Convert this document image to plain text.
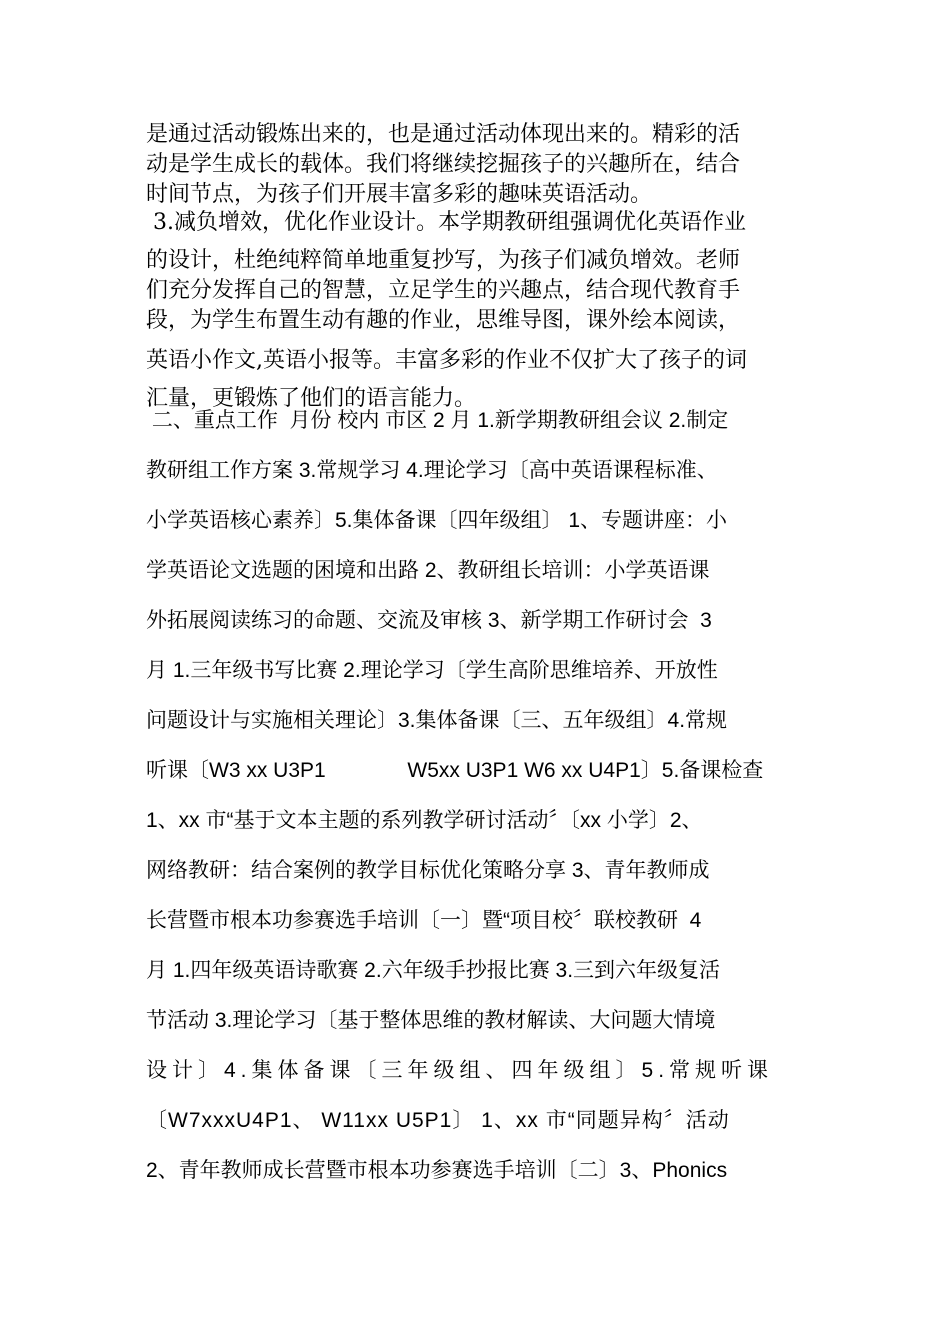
是通过活动锻炼出来的，也是通过活动体现出来的。精彩的活
动是学生成长的载体。我们将继续挖掘孩子的兴趣所在，结合
时间节点，为孩子们开展丰富多彩的趣味英语活动。
3.减负增效，优化作业设计。本学期教研组强调优化英语作业
的设计，杜绝纯粹简单地重复抄写，为孩子们减负增效。老师
们充分发挥自己的智慧，立足学生的兴趣点，结合现代教育手
段，为学生布置生动有趣的作业，思维导图，课外绘本阅读，
英语小作文,英语小报等。丰富多彩的作业不仅扩大了孩子的词
汇量，更锻炼了他们的语言能力。
二、重点工作  月份 校内 市区 2 月 1.新学期教研组会议 2.制定
教研组工作方案 3.常规学习 4.理论学习〔高中英语课程标准、
小学英语核心素养〕5.集体备课〔四年级组〕 1、专题讲座：小
学英语论文选题的困境和出路 2、教研组长培训：小学英语课
外拓展阅读练习的命题、交流及审核 3、新学期工作研讨会  3
月 1.三年级书写比赛 2.理论学习〔学生高阶思维培养、开放性
问题设计与实施相关理论〕3.集体备课〔三、五年级组〕4.常规
听课〔W3 xx U3P1              W5xx U3P1 W6 xx U4P1〕5.备课检查
1、xx 市“基于文本主题的系列教学研讨活动〞〔xx 小学〕2、
网络教研：结合案例的教学目标优化策略分享 3、青年教师成
长营暨市根本功参赛选手培训〔一〕暨“项目校〞联校教研  4
月 1.四年级英语诗歌赛 2.六年级手抄报比赛 3.三到六年级复活
节活动 3.理论学习〔基于整体思维的教材解读、大问题大情境
设计〕4.集体备课〔三年级组、四年级组〕5.常规听课
〔W7xxxU4P1、 W11xx U5P1〕 1、xx 市“同题异构〞活动
2、青年教师成长营暨市根本功参赛选手培训〔二〕3、Phonics
